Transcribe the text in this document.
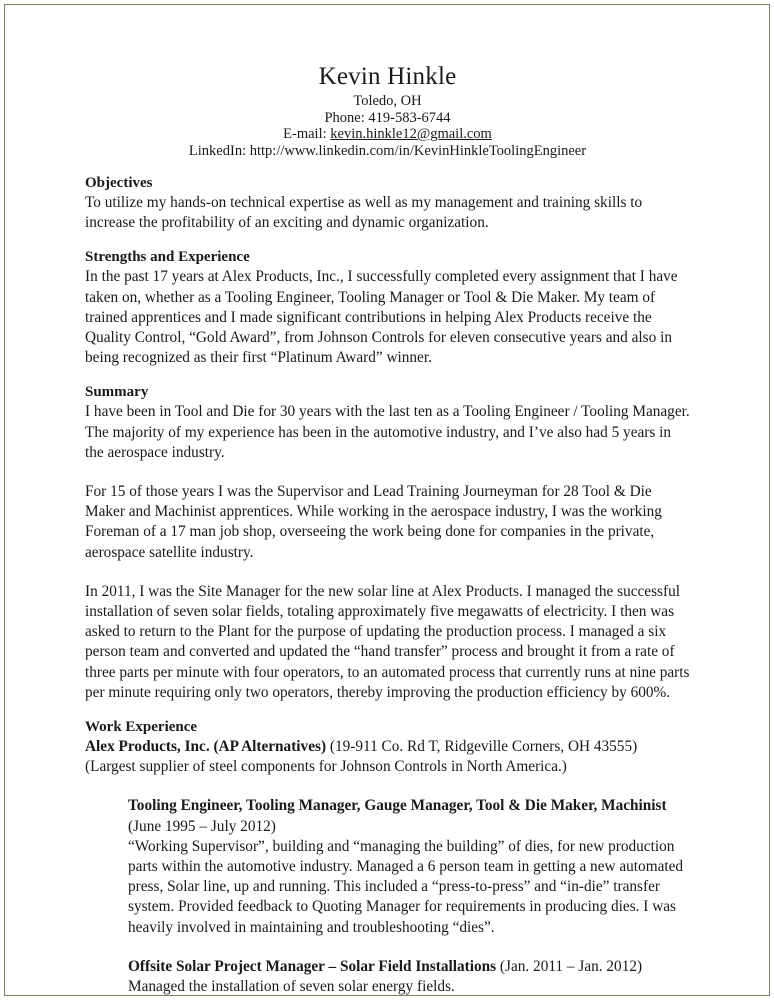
Kevin Hinkle

Toledo, OH

Phone: 419-583-6744

E-mail: kevin.hinkle12@gmail.com

LinkedIn: http://www.linkedin.com/in/KevinHinkleToolingEngineer

Objectives

To utilize my hands-on technical expertise as well as my management and training skills to increase the profitability of an exciting and dynamic organization.

Strengths and Experience

In the past 17 years at Alex Products, Inc., I successfully completed every assignment that I have taken on, whether as a Tooling Engineer, Tooling Manager or Tool & Die Maker. My team of trained apprentices and I made significant contributions in helping Alex Products receive the Quality Control, “Gold Award”, from Johnson Controls for eleven consecutive years and also in being recognized as their first “Platinum Award” winner.

Summary

I have been in Tool and Die for 30 years with the last ten as a Tooling Engineer / Tooling Manager. The majority of my experience has been in the automotive industry, and I’ve also had 5 years in the aerospace industry.

For 15 of those years I was the Supervisor and Lead Training Journeyman for 28 Tool & Die Maker and Machinist apprentices. While working in the aerospace industry, I was the working Foreman of a 17 man job shop, overseeing the work being done for companies in the private, aerospace satellite industry.

In 2011, I was the Site Manager for the new solar line at Alex Products. I managed the successful installation of seven solar fields, totaling approximately five megawatts of electricity. I then was asked to return to the Plant for the purpose of updating the production process. I managed a six person team and converted and updated the “hand transfer” process and brought it from a rate of three parts per minute with four operators, to an automated process that currently runs at nine parts per minute requiring only two operators, thereby improving the production efficiency by 600%.

Work Experience

Alex Products, Inc. (AP Alternatives) (19-911 Co. Rd T, Ridgeville Corners, OH 43555) (Largest supplier of steel components for Johnson Controls in North America.)

Tooling Engineer, Tooling Manager, Gauge Manager, Tool & Die Maker, Machinist

(June 1995 – July 2012)

“Working Supervisor”, building and “managing the building” of dies, for new production parts within the automotive industry. Managed a 6 person team in getting a new automated press, Solar line, up and running. This included a “press-to-press” and “in-die” transfer system. Provided feedback to Quoting Manager for requirements in producing dies. I was heavily involved in maintaining and troubleshooting “dies”.

Offsite Solar Project Manager – Solar Field Installations (Jan. 2011 – Jan. 2012)

Managed the installation of seven solar energy fields.
